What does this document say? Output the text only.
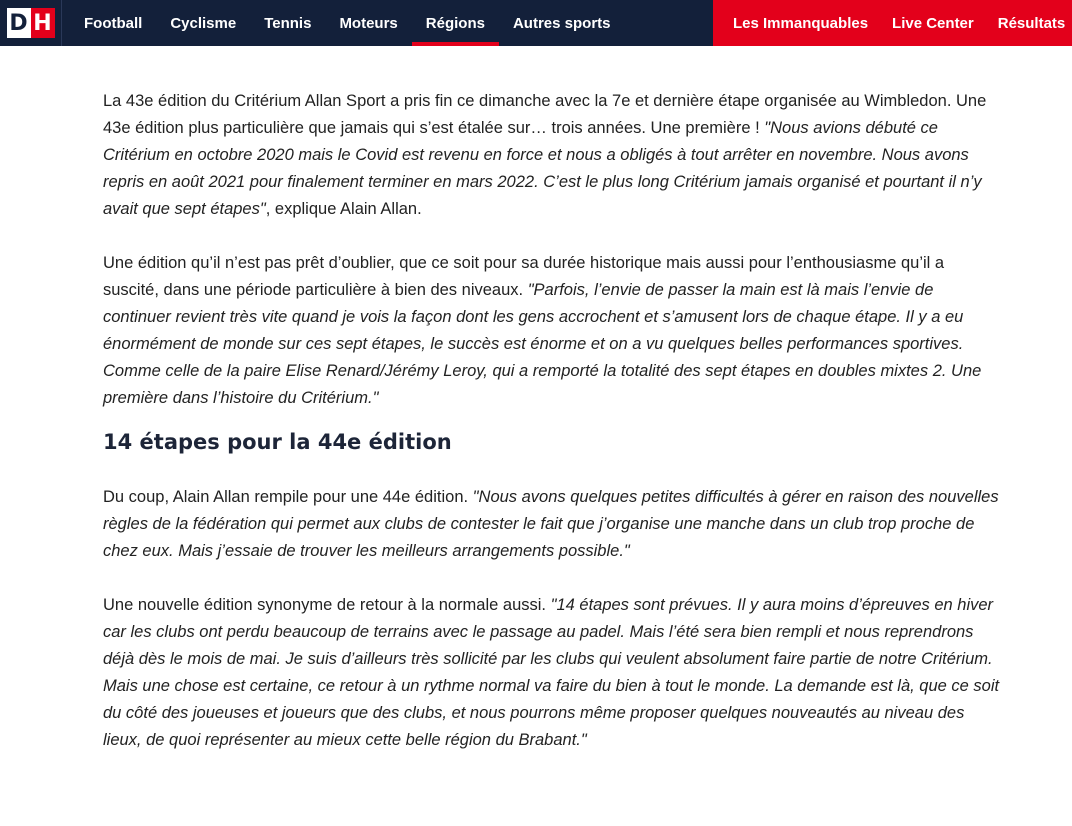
D H	Football	Cyclisme	Tennis	Moteurs	Régions	Autres sports	Les Immanquables	Live Center	Résultats

La 43e édition du Critérium Allan Sport a pris fin ce dimanche avec la 7e et dernière étape organisée au Wimbledon. Une 43e édition plus particulière que jamais qui s’est étalée sur… trois années. Une première ! "Nous avions débuté ce Critérium en octobre 2020 mais le Covid est revenu en force et nous a obligés à tout arrêter en novembre. Nous avons repris en août 2021 pour finalement terminer en mars 2022. C’est le plus long Critérium jamais organisé et pourtant il n’y avait que sept étapes", explique Alain Allan.

Une édition qu’il n’est pas prêt d’oublier, que ce soit pour sa durée historique mais aussi pour l’enthousiasme qu’il a suscité, dans une période particulière à bien des niveaux. "Parfois, l’envie de passer la main est là mais l’envie de continuer revient très vite quand je vois la façon dont les gens accrochent et s’amusent lors de chaque étape. Il y a eu énormément de monde sur ces sept étapes, le succès est énorme et on a vu quelques belles performances sportives. Comme celle de la paire Elise Renard/Jérémy Leroy, qui a remporté la totalité des sept étapes en doubles mixtes 2. Une première dans l’histoire du Critérium."

14 étapes pour la 44e édition

Du coup, Alain Allan rempile pour une 44e édition. "Nous avons quelques petites difficultés à gérer en raison des nouvelles règles de la fédération qui permet aux clubs de contester le fait que j’organise une manche dans un club trop proche de chez eux. Mais j’essaie de trouver les meilleurs arrangements possible."

Une nouvelle édition synonyme de retour à la normale aussi. "14 étapes sont prévues. Il y aura moins d’épreuves en hiver car les clubs ont perdu beaucoup de terrains avec le passage au padel. Mais l’été sera bien rempli et nous reprendrons déjà dès le mois de mai. Je suis d’ailleurs très sollicité par les clubs qui veulent absolument faire partie de notre Critérium. Mais une chose est certaine, ce retour à un rythme normal va faire du bien à tout le monde. La demande est là, que ce soit du côté des joueuses et joueurs que des clubs, et nous pourrons même proposer quelques nouveautés au niveau des lieux, de quoi représenter au mieux cette belle région du Brabant."
